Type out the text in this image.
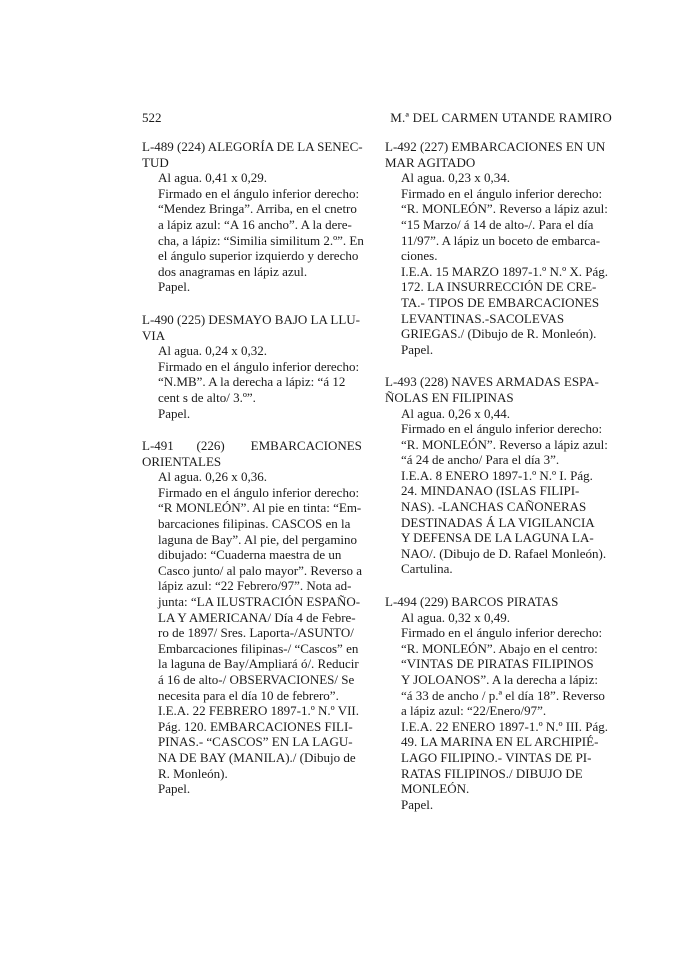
522	M.ª DEL CARMEN UTANDE RAMIRO

L-489 (224) ALEGORÍA DE LA SENEC-
TUD

Al agua. 0,41 x 0,29.

Firmado en el ángulo inferior derecho:

“Mendez Bringa”. Arriba, en el cnetro

a lápiz azul: “A 16 ancho”. A la dere-

cha, a lápiz: “Similia similitum 2.º”. En

el ángulo superior izquierdo y derecho

dos anagramas en lápiz azul.

Papel.

L-490 (225) DESMAYO BAJO LA LLU-
VIA

Al agua. 0,24 x 0,32.

Firmado en el ángulo inferior derecho:

“N.MB”. A la derecha a lápiz: “á 12

cent s de alto/ 3.º”.

Papel.

L-491       (226)        EMBARCACIONES
ORIENTALES

Al agua. 0,26 x 0,36.

Firmado en el ángulo inferior derecho:

“R MONLEÓN”. Al pie en tinta: “Em-

barcaciones filipinas. CASCOS en la

laguna de Bay”. Al pie, del pergamino

dibujado: “Cuaderna maestra de un

Casco junto/ al palo mayor”. Reverso a

lápiz azul: “22 Febrero/97”. Nota ad-

junta: “LA ILUSTRACIÓN ESPAÑO-

LA Y AMERICANA/ Día 4 de Febre-

ro de 1897/ Sres. Laporta-/ASUNTO/

Embarcaciones filipinas-/ “Cascos” en

la laguna de Bay/Ampliará ó/. Reducir

á 16 de alto-/ OBSERVACIONES/ Se

necesita para el día 10 de febrero”.

I.E.A. 22 FEBRERO 1897-1.º N.º VII.

Pág. 120. EMBARCACIONES FILI-

PINAS.- “CASCOS” EN LA LAGU-

NA DE BAY (MANILA)./ (Dibujo de

R. Monleón).

Papel.

L-492 (227) EMBARCACIONES EN UN
MAR AGITADO

Al agua. 0,23 x 0,34.

Firmado en el ángulo inferior derecho:

“R. MONLEÓN”. Reverso a lápiz azul:

“15 Marzo/ á 14 de alto-/. Para el día

11/97”. A lápiz un boceto de embarca-

ciones.

I.E.A. 15 MARZO 1897-1.º N.º X. Pág.

172. LA INSURRECCIÓN DE CRE-

TA.- TIPOS DE EMBARCACIONES

LEVANTINAS.-SACOLEVAS

GRIEGAS./ (Dibujo de R. Monleón).

Papel.

L-493 (228) NAVES ARMADAS ESPA-
ÑOLAS EN FILIPINAS

Al agua. 0,26 x 0,44.

Firmado en el ángulo inferior derecho:

“R. MONLEÓN”. Reverso a lápiz azul:

“á 24 de ancho/ Para el día 3”.

I.E.A. 8 ENERO 1897-1.º N.º I. Pág.

24. MINDANAO (ISLAS FILIPI-

NAS). -LANCHAS CAÑONERAS

DESTINADAS Á LA VIGILANCIA

Y DEFENSA DE LA LAGUNA LA-

NAO/. (Dibujo de D. Rafael Monleón).

Cartulina.

L-494 (229) BARCOS PIRATAS

Al agua. 0,32 x 0,49.

Firmado en el ángulo inferior derecho:

“R. MONLEÓN”. Abajo en el centro:

“VINTAS DE PIRATAS FILIPINOS

Y JOLOANOS”. A la derecha a lápiz:

“á 33 de ancho / p.ª el día 18”. Reverso

a lápiz azul: “22/Enero/97”.

I.E.A. 22 ENERO 1897-1.º N.º III. Pág.

49. LA MARINA EN EL ARCHIPIÉ-

LAGO FILIPINO.- VINTAS DE PI-

RATAS FILIPINOS./ DIBUJO DE

MONLEÓN.

Papel.
